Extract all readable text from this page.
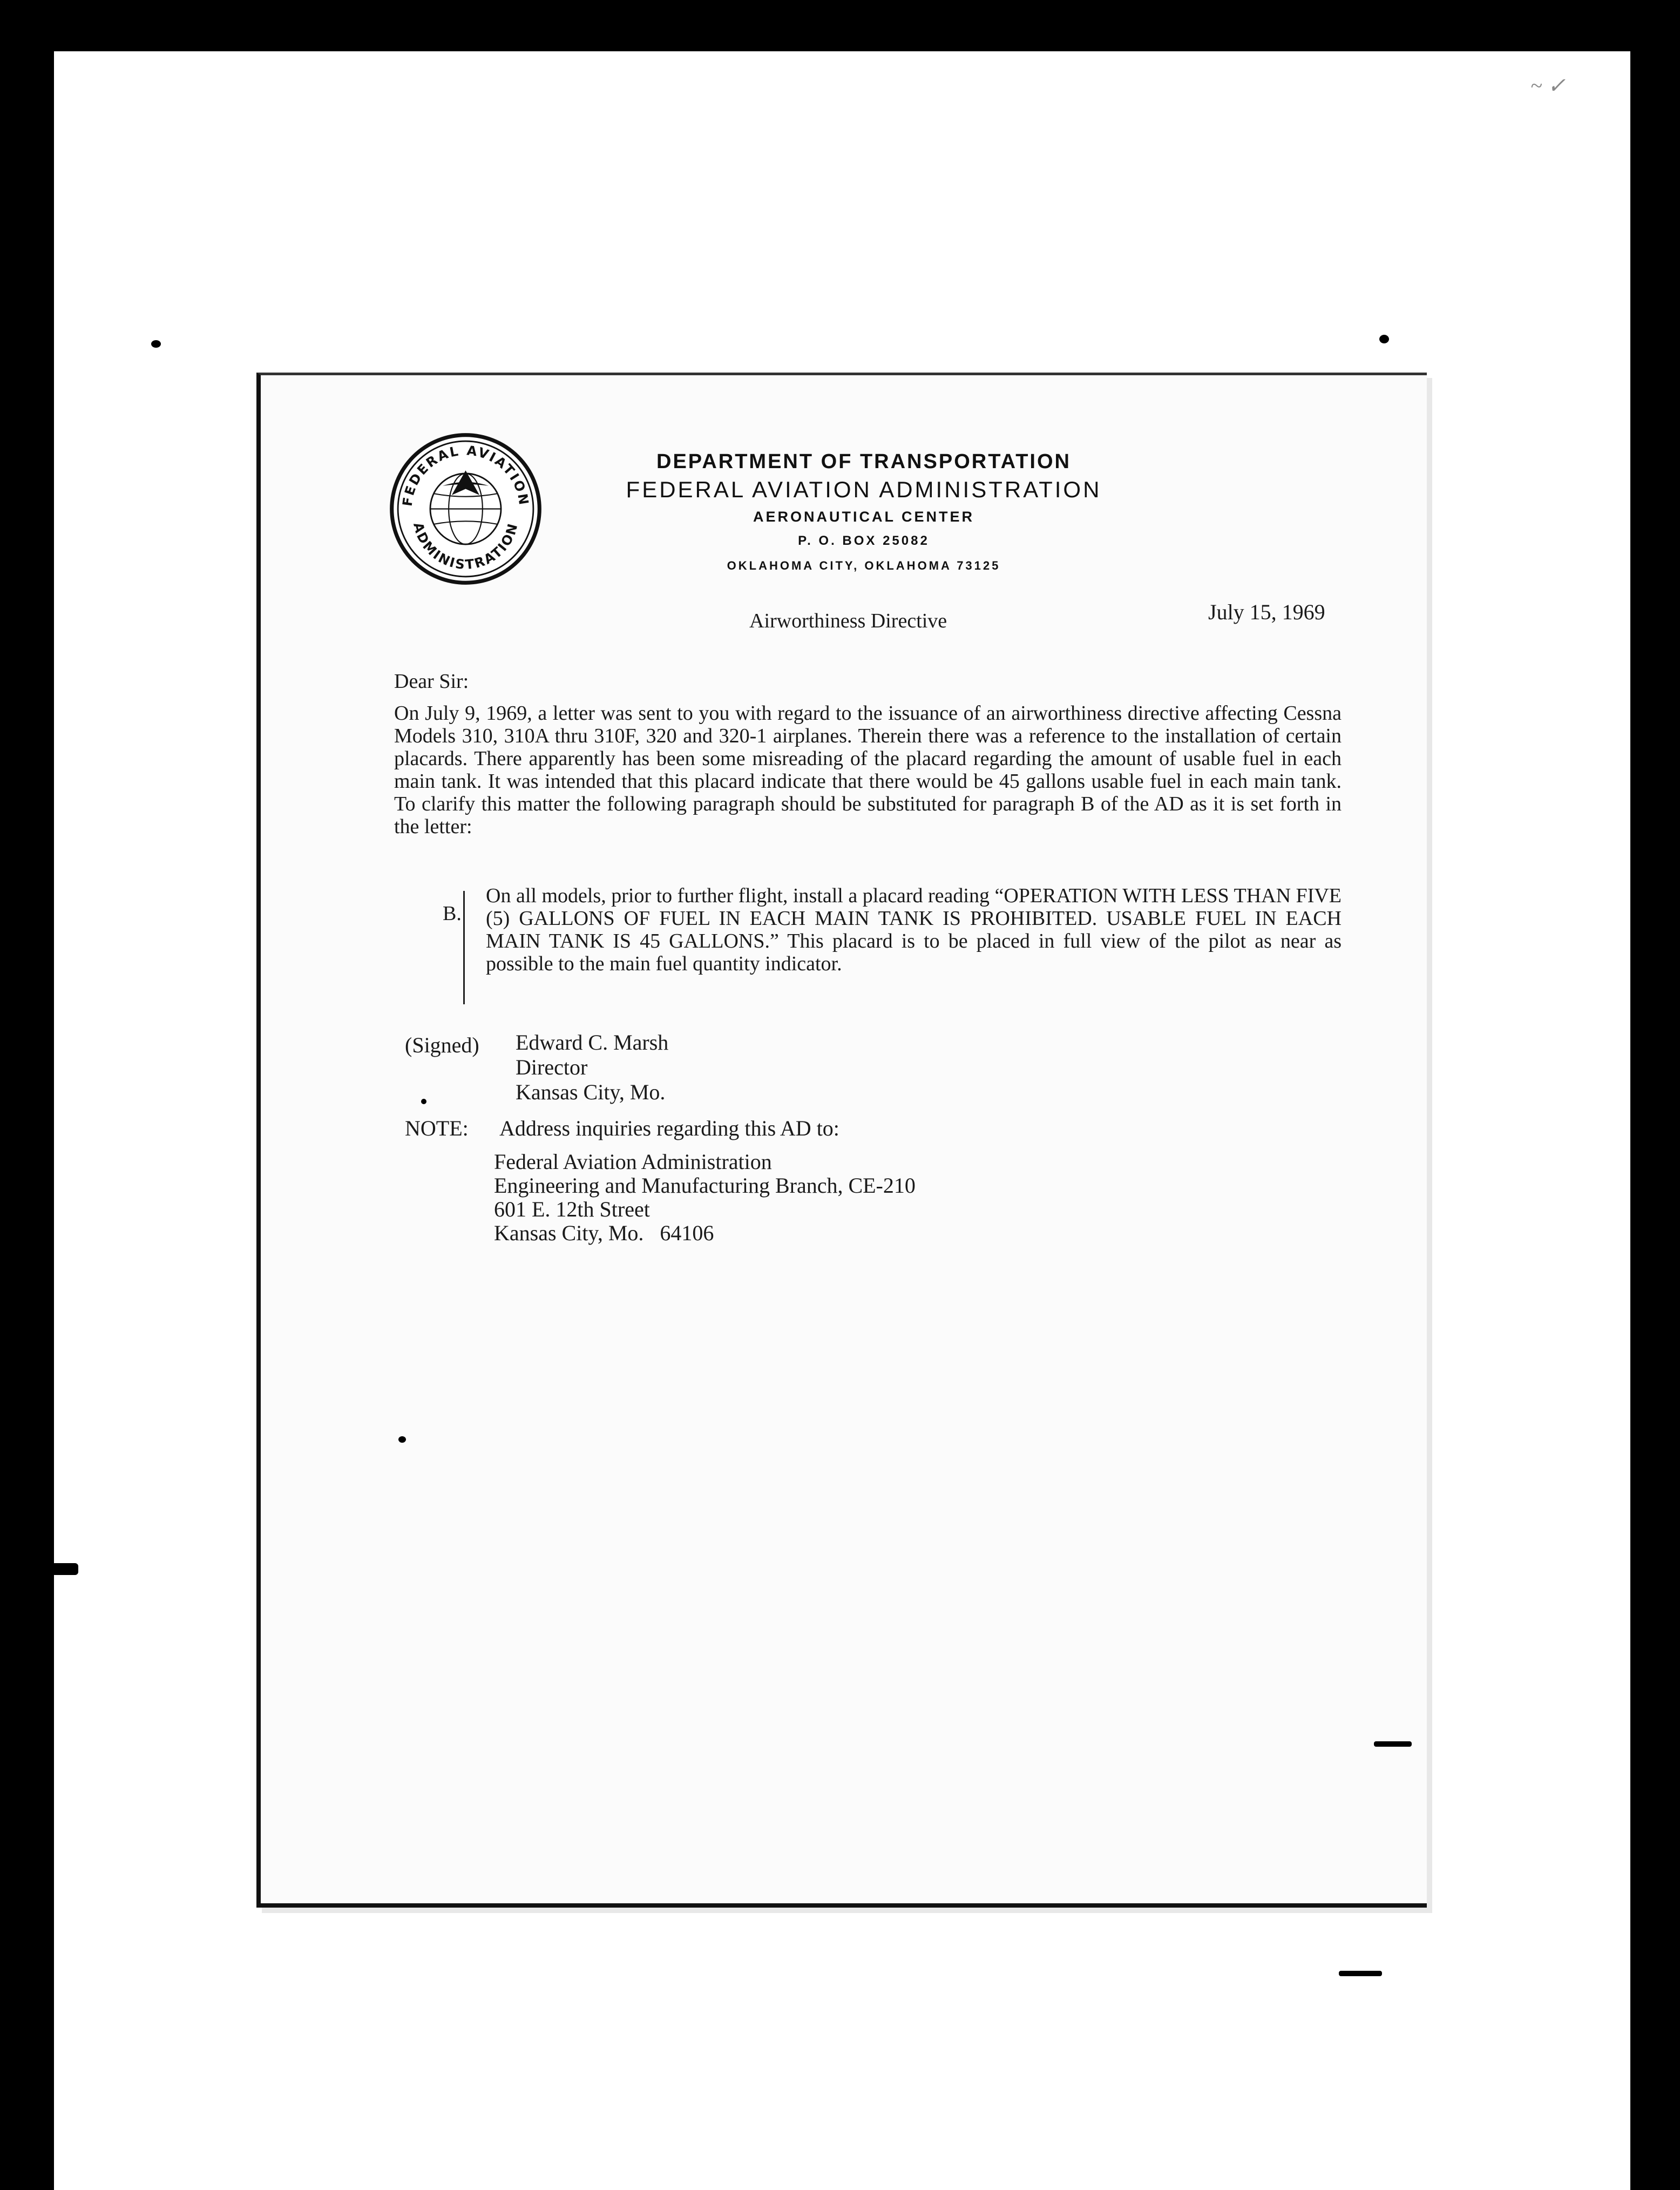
~ ✓
FEDERAL AVIATION
ADMINISTRATION
DEPARTMENT OF TRANSPORTATION
FEDERAL AVIATION ADMINISTRATION
AERONAUTICAL CENTER
P. O. BOX 25082
OKLAHOMA CITY, OKLAHOMA 73125
Airworthiness Directive	July 15, 1969
Dear Sir:
On July 9, 1969, a letter was sent to you with regard to the issuance of an airworthiness directive affecting Cessna Models 310, 310A thru 310F, 320 and 320-1 airplanes. Therein there was a reference to the installation of certain placards. There apparently has been some misreading of the placard regarding the amount of usable fuel in each main tank. It was intended that this placard indicate that there would be 45 gallons usable fuel in each main tank. To clarify this matter the following paragraph should be substituted for paragraph B of the AD as it is set forth in the letter:
B.
On all models, prior to further flight, install a placard reading “OPERATION WITH LESS THAN FIVE (5) GALLONS OF FUEL IN EACH MAIN TANK IS PROHIBITED. USABLE FUEL IN EACH MAIN TANK IS 45 GALLONS.” This placard is to be placed in full view of the pilot as near as possible to the main fuel quantity indicator.
(Signed) Edward C. Marsh
Director
Kansas City, Mo.
NOTE: Address inquiries regarding this AD to:
Federal Aviation Administration
Engineering and Manufacturing Branch, CE-210
601 E. 12th Street
Kansas City, Mo.   64106
